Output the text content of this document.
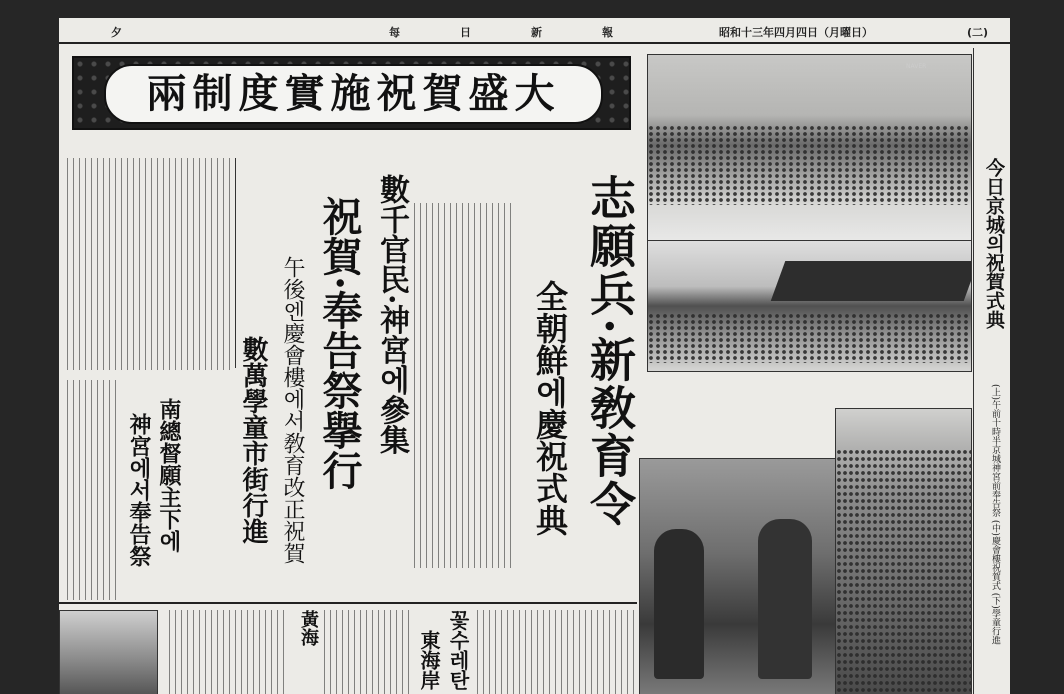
夕	每日新報	昭和十三年四月四日（月曜日）	(二)
兩制度實施祝賀盛大
志願兵·新敎育令
全朝鮮에慶祝式典
數千官民·神宮에參集
祝賀·奉告祭擧行
午後엔慶會樓에서敎育改正祝賀
數萬學童市街行進
南總督願主下에
神宮에서奉告祭
黃海	꽃수레탄
東海岸
NAVER
今日京城의祝賀式典
(上)午前十時半京城神宮前奉告祭 (中)慶會樓祝賀式 (下)學童行進
